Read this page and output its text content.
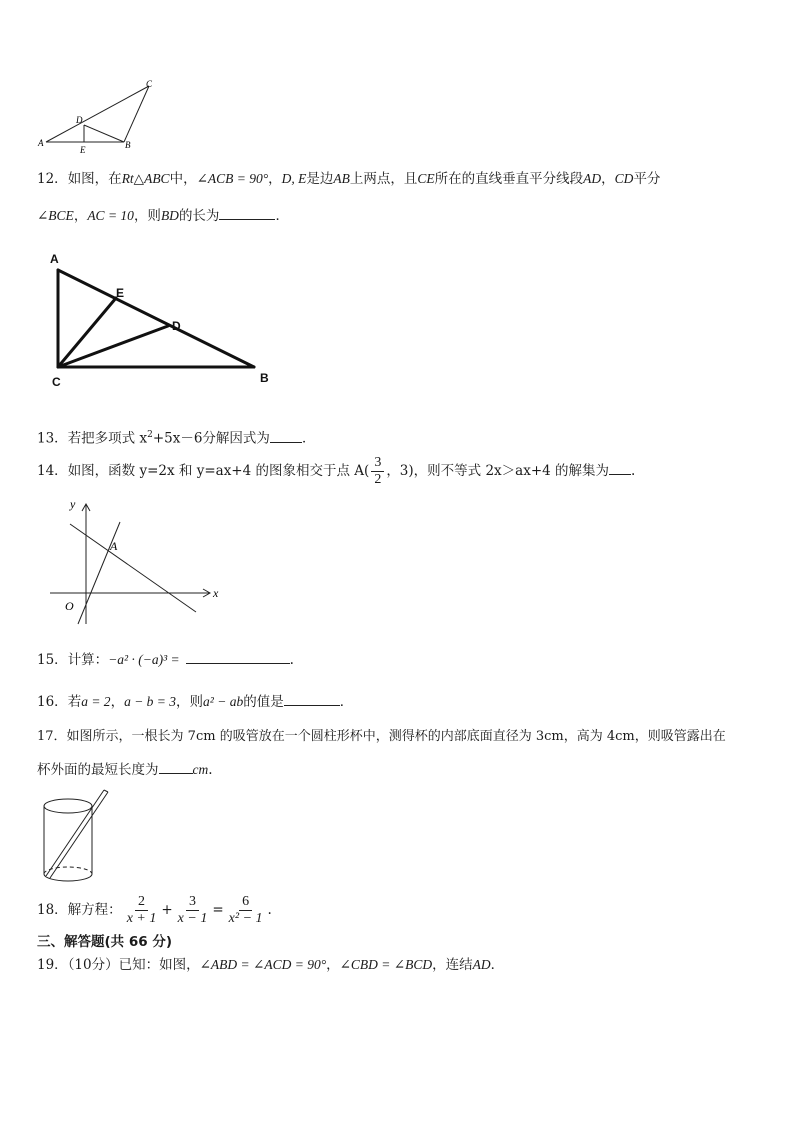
C
D
A
E	B
12．如图，在Rt△ABC中，∠ACB = 90°，D, E是边AB上两点，且CE所在的直线垂直平分线段AD，CD平分
∠BCE，AC = 10，则BD的长为	．
A
E
D
C	B
13．若把多项式 $x^2+5x-6$分解因式为 ．
14．如图，函数 y=2x 和 y=ax+4 的图象相交于点 $A( \frac{3}{2}$ ，3)，则不等式 2x＞ax+4 的解集为 .
y
A
x
O
15．计算：−a² · (−a)³ =	.
16．若a = 2，a − b = 3，则a² − ab的值是	．
17．如图所示，一根长为 7cm 的吸管放在一个圆柱形杯中，测得杯的内部底面直径为 3cm，高为 4cm，则吸管露出在
杯外面的最短长度为	cm.
18．解方程： $\frac{2}{x + 1} + \frac{3}{x - 1} = \frac{6}{\text{x² − 1}}$ .
三、解答题(共 66 分)
19．（10分）已知：如图，∠ABD = ∠ACD = 90°，∠CBD = ∠BCD，连结AD．
